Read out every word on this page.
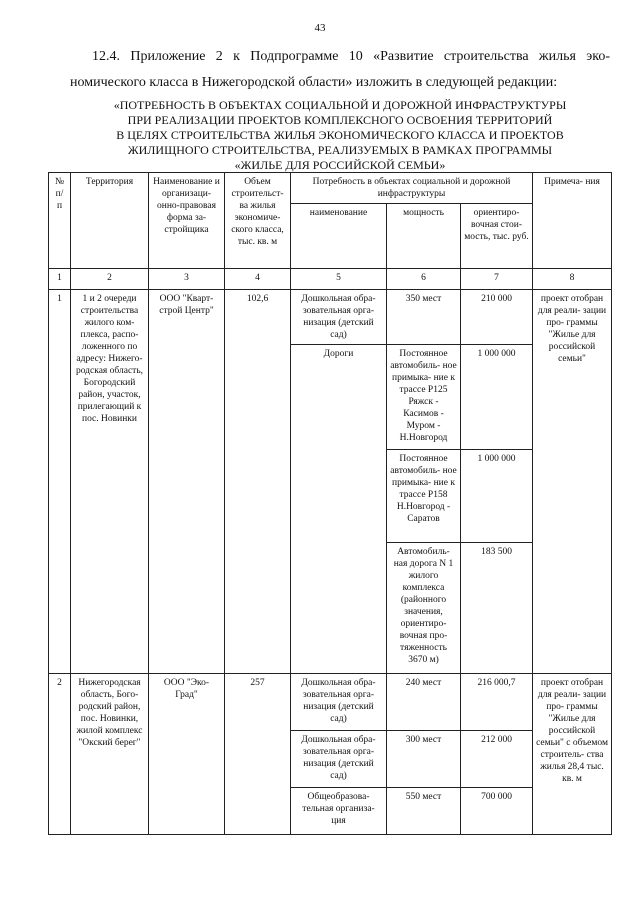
43
12.4. Приложение 2 к Подпрограмме 10 «Развитие строительства жилья эко-
номического класса в Нижегородской области» изложить в следующей редакции:
«ПОТРЕБНОСТЬ В ОБЪЕКТАХ СОЦИАЛЬНОЙ И ДОРОЖНОЙ ИНФРАСТРУКТУРЫ
ПРИ РЕАЛИЗАЦИИ ПРОЕКТОВ КОМПЛЕКСНОГО ОСВОЕНИЯ ТЕРРИТОРИЙ
В ЦЕЛЯХ СТРОИТЕЛЬСТВА ЖИЛЬЯ ЭКОНОМИЧЕСКОГО КЛАССА И ПРОЕКТОВ
ЖИЛИЩНОГО СТРОИТЕЛЬСТВА, РЕАЛИЗУЕМЫХ В РАМКАХ ПРОГРАММЫ
«ЖИЛЬЕ ДЛЯ РОССИЙСКОЙ СЕМЬИ»
№ п/ п	Территория	Наименование и организаци- онно-правовая форма за- стройщика	Объем строительст- ва жилья экономиче- ского класса, тыс. кв. м	Потребность в объектах социальной и дорожной инфраструктуры			Примеча- ния
				наименование	мощность	ориентиро- вочная стои- мость, тыс. руб.	
1	2	3	4	5	6	7	8
1	1 и 2 очереди строительства жилого ком- плекса, распо- ложенного по адресу: Нижего- родская область, Богородский район, участок, прилегающий к пос. Новинки	ООО "Кварт- строй Центр"	102,6	Дошкольная обра- зовательная орга- низация (детский сад)	350 мест	210 000	проект отобран для реали- зации про- граммы "Жилье для российской семьи"
				Дороги	Постоянное автомобиль- ное примыка- ние к трассе Р125 Ряжск - Касимов - Муром - Н.Новгород	1 000 000	
					Постоянное автомобиль- ное примыка- ние к трассе Р158 Н.Новгород - Саратов	1 000 000	
					Автомобиль- ная дорога N 1 жилого комплекса (районного значения, ориентиро- вочная про- тяженность 3670 м)	183 500	
2	Нижегородская область, Бого- родский район, пос. Новинки, жилой комплекс "Окский берег"	ООО "Эко- Град"	257	Дошкольная обра- зовательная орга- низация (детский сад)	240 мест	216 000,7	проект отобран для реали- зации про- граммы "Жилье для российской семьи" с объемом строитель- ства жилья 28,4 тыс. кв. м
				Дошкольная обра- зовательная орга- низация (детский сад)	300 мест	212 000	
				Общеобразова- тельная организа- ция	550 мест	700 000	
